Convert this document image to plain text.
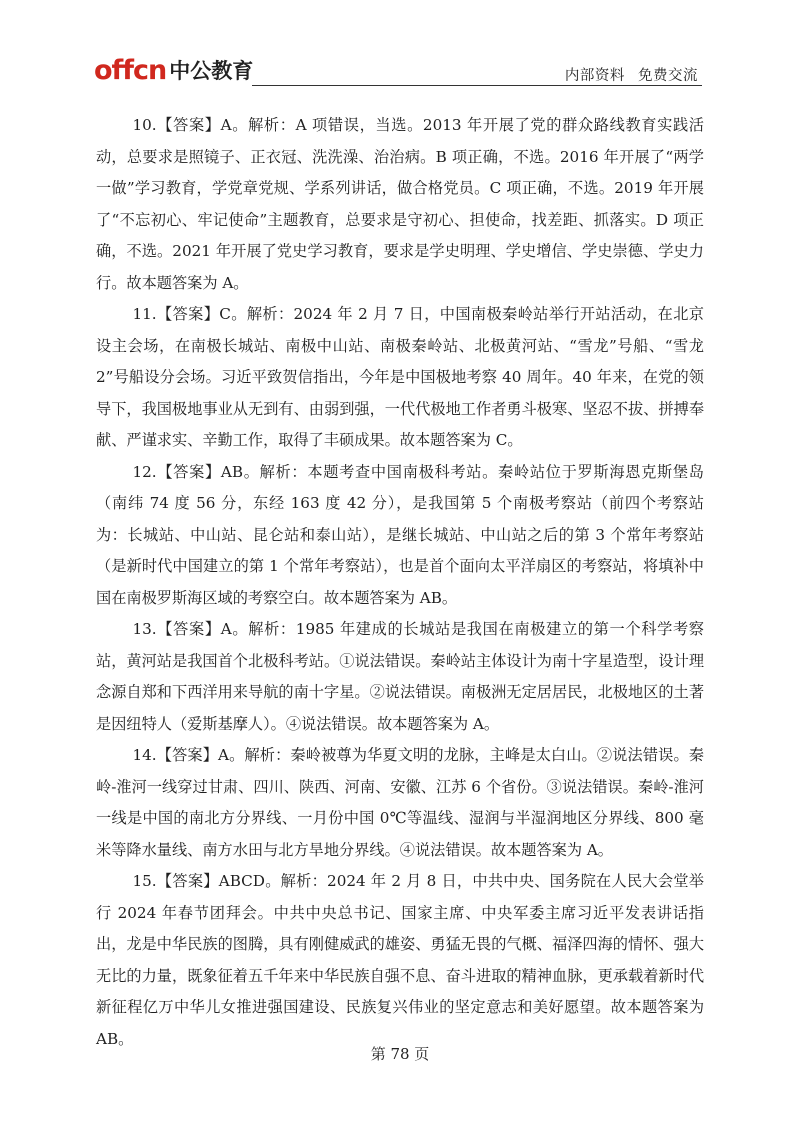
offcn 中公教育	内部资料 免费交流

10.【答案】A。解析：A 项错误，当选。2013 年开展了党的群众路线教育实践活动，总要求是照镜子、正衣冠、洗洗澡、治治病。B 项正确，不选。2016 年开展了“两学一做”学习教育，学党章党规、学系列讲话，做合格党员。C 项正确，不选。2019 年开展了“不忘初心、牢记使命”主题教育，总要求是守初心、担使命，找差距、抓落实。D 项正确，不选。2021 年开展了党史学习教育，要求是学史明理、学史增信、学史崇德、学史力行。故本题答案为 A。

11.【答案】C。解析：2024 年 2 月 7 日，中国南极秦岭站举行开站活动，在北京设主会场，在南极长城站、南极中山站、南极秦岭站、北极黄河站、“雪龙”号船、“雪龙 2”号船设分会场。习近平致贺信指出，今年是中国极地考察 40 周年。40 年来，在党的领导下，我国极地事业从无到有、由弱到强，一代代极地工作者勇斗极寒、坚忍不拔、拼搏奉献、严谨求实、辛勤工作，取得了丰硕成果。故本题答案为 C。

12.【答案】AB。解析：本题考查中国南极科考站。秦岭站位于罗斯海恩克斯堡岛（南纬 74 度 56 分，东经 163 度 42 分），是我国第 5 个南极考察站（前四个考察站为：长城站、中山站、昆仑站和泰山站），是继长城站、中山站之后的第 3 个常年考察站（是新时代中国建立的第 1 个常年考察站），也是首个面向太平洋扇区的考察站，将填补中国在南极罗斯海区域的考察空白。故本题答案为 AB。

13.【答案】A。解析：1985 年建成的长城站是我国在南极建立的第一个科学考察站，黄河站是我国首个北极科考站。①说法错误。秦岭站主体设计为南十字星造型，设计理念源自郑和下西洋用来导航的南十字星。②说法错误。南极洲无定居居民，北极地区的土著是因纽特人（爱斯基摩人）。④说法错误。故本题答案为 A。

14.【答案】A。解析：秦岭被尊为华夏文明的龙脉，主峰是太白山。②说法错误。秦岭-淮河一线穿过甘肃、四川、陕西、河南、安徽、江苏 6 个省份。③说法错误。秦岭-淮河一线是中国的南北方分界线、一月份中国 0℃等温线、湿润与半湿润地区分界线、800 毫米等降水量线、南方水田与北方旱地分界线。④说法错误。故本题答案为 A。

15.【答案】ABCD。解析：2024 年 2 月 8 日，中共中央、国务院在人民大会堂举行 2024 年春节团拜会。中共中央总书记、国家主席、中央军委主席习近平发表讲话指出，龙是中华民族的图腾，具有刚健威武的雄姿、勇猛无畏的气概、福泽四海的情怀、强大无比的力量，既象征着五千年来中华民族自强不息、奋斗进取的精神血脉，更承载着新时代新征程亿万中华儿女推进强国建设、民族复兴伟业的坚定意志和美好愿望。故本题答案为 AB。

第 78 页
